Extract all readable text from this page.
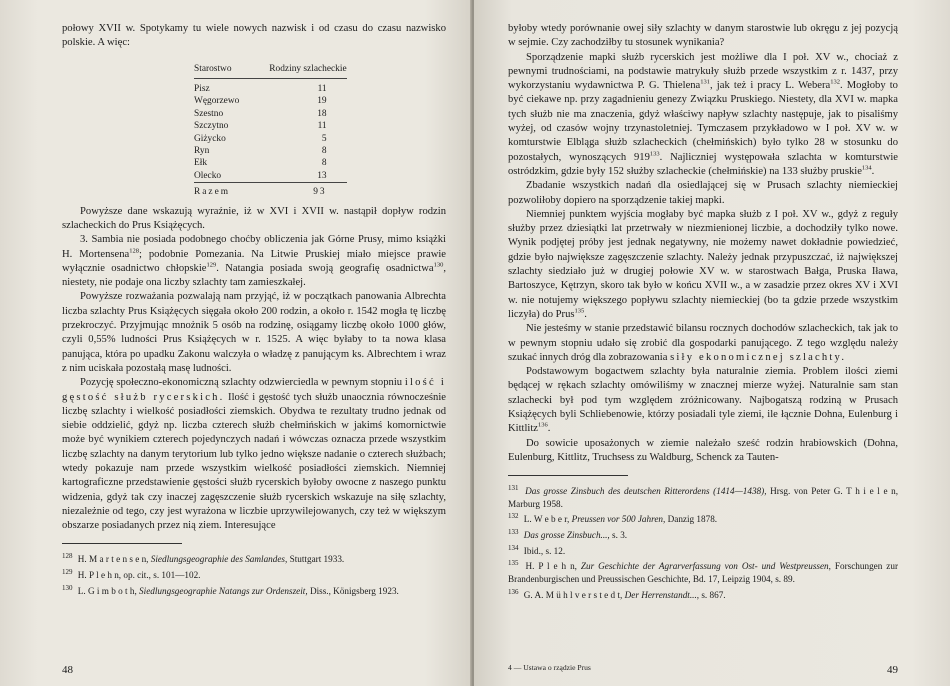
połowy XVII w. Spotykamy tu wiele nowych nazwisk i od czasu do czasu nazwisko polskie. A więc:

Starostwo	Rodziny szlacheckie
Pisz	11
Węgorzewo	19
Szestno	18
Szczytno	11
Giżycko	5
Ryn	8
Ełk	8
Olecko	13
Razem	93

Powyższe dane wskazują wyraźnie, iż w XVI i XVII w. nastąpił dopływ rodzin szlacheckich do Prus Książęcych.

3. Sambia nie posiada podobnego choćby obliczenia jak Górne Prusy, mimo książki H. Mortensena$^{128}$; podobnie Pomezania. Na Litwie Pruskiej miało miejsce prawie wyłącznie osadnictwo chłopskie$^{129}$. Natangia posiada swoją geografię osadnictwa$^{130}$, niestety, nie podaje ona liczby szlachty tam zamieszkałej.

Powyższe rozważania pozwalają nam przyjąć, iż w początkach panowania Albrechta liczba szlachty Prus Książęcych sięgała około 200 rodzin, a około r. 1542 mogła tę liczbę przekroczyć. Przyjmując mnożnik 5 osób na rodzinę, osiągamy liczbę około 1000 głów, czyli 0,55% ludności Prus Książęcych w r. 1525. A więc byłaby to ta nowa klasa panująca, która po upadku Zakonu walczyła o władzę z panującym ks. Albrechtem i wraz z nim uciskała pozostałą masę ludności.

Pozycję społeczno-ekonomiczną szlachty odzwierciedla w pewnym stopniu ilość i gęstość służb rycerskich. Ilość i gęstość tych służb unaocznia równocześnie liczbę szlachty i wielkość posiadłości ziemskich. Obydwa te rezultaty trudno jednak od siebie oddzielić, gdyż np. liczba czterech służb chełmińskich w jakimś komornictwie może być wynikiem czterech pojedynczych nadań i wówczas oznacza przede wszystkim liczbę szlachty na danym terytorium lub tylko jedno większe nadanie o czterech służbach; wtedy pokazuje nam przede wszystkim wielkość posiadłości ziemskich. Niemniej kartograficzne przedstawienie gęstości służb rycerskich byłoby owocne z naszego punktu widzenia, gdyż tak czy inaczej zagęszczenie służb rycerskich wskazuje na siłę szlachty, niezależnie od tego, czy jest wyrażona w liczbie uprzywilejowanych, czy też w większym obszarze posiadanych przez nią ziem. Interesujące

$^{128}$ H. M a r t e n s e n, Siedlungsgeographie des Samlandes, Stuttgart 1933.
$^{129}$ H. P l e h n, op. cit., s. 101—102.
$^{130}$ L. G i m b o t h, Siedlungsgeographie Natangs zur Ordenszeit, Diss., Königsberg 1923.
48

byłoby wtedy porównanie owej siły szlachty w danym starostwie lub okręgu z jej pozycją w sejmie. Czy zachodziłby tu stosunek wynikania?

Sporządzenie mapki służb rycerskich jest możliwe dla I poł. XV w., chociaż z pewnymi trudnościami, na podstawie matrykuły służb przede wszystkim z r. 1437, przy wykorzystaniu wydawnictwa P. G. Thielena$^{131}$, jak też i pracy L. Webera$^{132}$. Mogłoby to być ciekawe np. przy zagadnieniu genezy Związku Pruskiego. Niestety, dla XVI w. mapka tych służb nie ma znaczenia, gdyż właściwy napływ szlachty następuje, jak to pisaliśmy wyżej, od czasów wojny trzynastoletniej. Tymczasem przykładowo w I poł. XV w. w komturstwie Elbląga służb szlacheckich (chełmińskich) było tylko 28 w stosunku do pozostałych, wynoszących $919^{133}$. Najliczniej występowała szlachta w komturstwie ostródzkim, gdzie były 152 służby szlacheckie (chełmińskie) na 133 służby pruskie$^{134}$.

Zbadanie wszystkich nadań dla osiedlającej się w Prusach szlachty niemieckiej pozwoliłoby dopiero na sporządzenie takiej mapki.

Niemniej punktem wyjścia mogłaby być mapka służb z I poł. XV w., gdyż z reguły służby przez dziesiątki lat przetrwały w niezmienionej liczbie, a dochodziły tylko nowe. Wynik podjętej próby jest jednak negatywny, nie możemy nawet dokładnie powiedzieć, gdzie było największe zagęszczenie szlachty. Należy jednak przypuszczać, iż największej szlachty siedziało już w drugiej połowie XV w. w starostwach Bałga, Pruska Iława, Bartoszyce, Kętrzyn, skoro tak było w końcu XVII w., a w zasadzie przez okres XV i XVI w. nie notujemy większego popływu szlachty niemieckiej (bo ta gdzie przede wszystkim liczyła) do Prus$^{135}$.

Nie jesteśmy w stanie przedstawić bilansu rocznych dochodów szlacheckich, tak jak to w pewnym stopniu udało się zrobić dla gospodarki panującego. Z tego względu należy szukać innych dróg dla zobrazowania siły ekonomicznej szlachty.

Podstawowym bogactwem szlachty była naturalnie ziemia. Problem ilości ziemi będącej w rękach szlachty omówiliśmy w znacznej mierze wyżej. Naturalnie sam stan szlachecki był pod tym względem zróżnicowany. Najbogatszą rodziną w Prusach Książęcych byli Schliebenowie, którzy posiadali tyle ziemi, ile łącznie Dohna, Eulenburg i Kittlitz$^{136}$.

Do sowicie uposażonych w ziemie należało sześć rodzin hrabiowskich (Dohna, Eulenburg, Kittlitz, Truchsess zu Waldburg, Schenck za Tauten-

$^{131}$ Das grosse Zinsbuch des deutschen Ritterordens (1414—1438), Hrsg. von Peter G. T h i e l e n, Marburg 1958.
$^{132}$ L. W e b e r, Preussen vor 500 Jahren, Danzig 1878.
$^{133}$ Das grosse Zinsbuch..., s. 3.
$^{134}$ Ibid., s. 12.
$^{135}$ H. P l e h n, Zur Geschichte der Agrarverfassung von Ost- und Westpreussen, Forschungen zur Brandenburgischen und Preussischen Geschichte, Bd. 17, Leipzig 1904, s. 89.
$^{136}$ G. A. M ü h l v e r s t e d t, Der Herrenstandt..., s. 867.
4 — Ustawa o rządzie Prus	49
